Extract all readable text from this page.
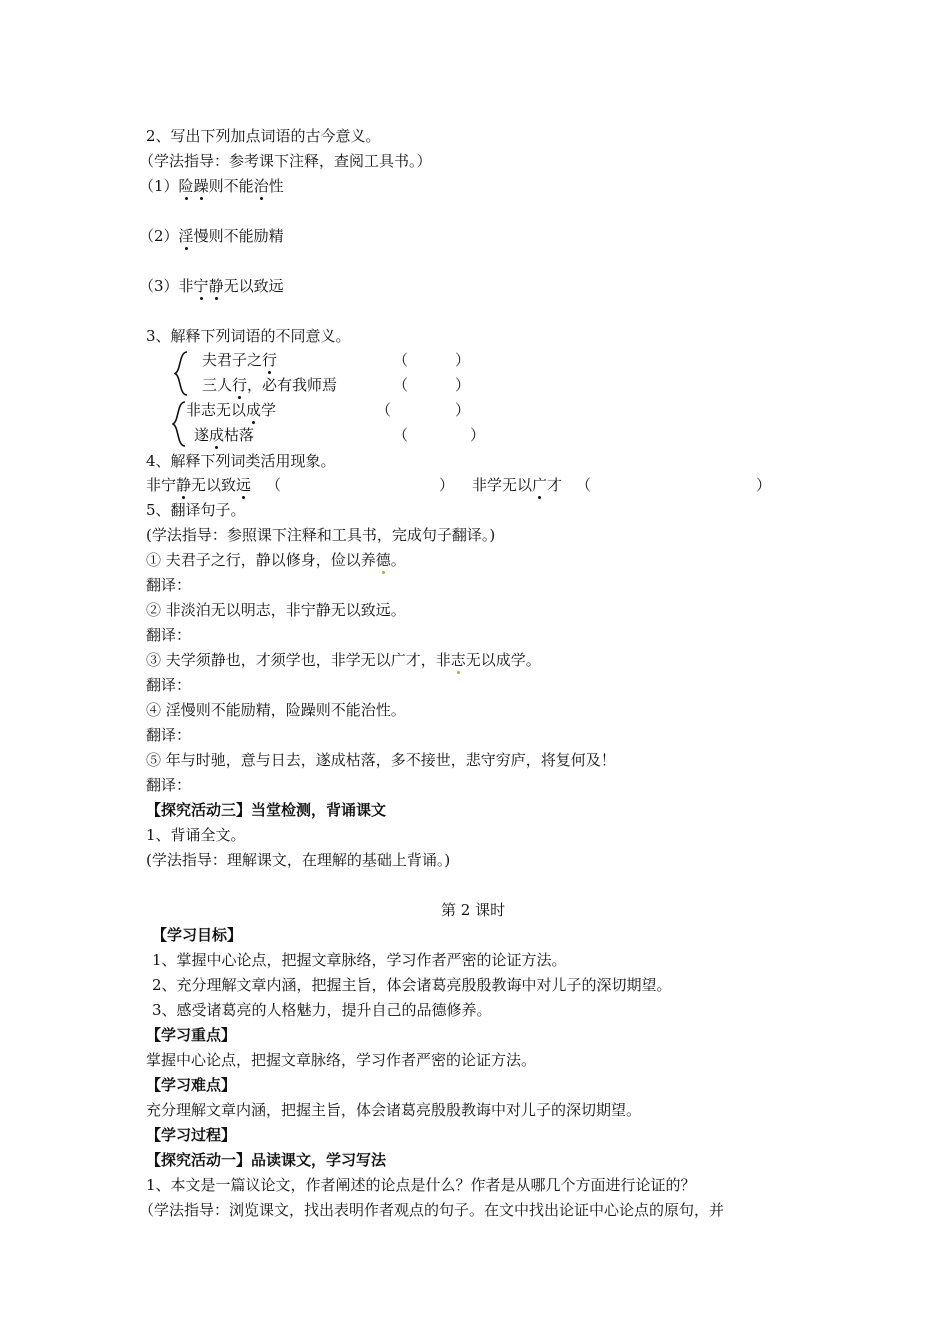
2、写出下列加点词语的古今意义。
（学法指导：参考课下注释，查阅工具书。）
（1）险躁则不能治性
（2）淫慢则不能励精
（3）非宁静无以致远
3、解释下列词语的不同意义。
夫君子之行	（	）
三人行，必有我师焉	（	）
非志无以成学	（	）
遂成枯落	（	）
4、解释下列词类活用现象。
非宁静无以致远 （	） 非学无以广才 （	）
5、翻译句子。
(学法指导：参照课下注释和工具书，完成句子翻译。)
① 夫君子之行，静以修身，俭以养德。
翻译：
② 非淡泊无以明志，非宁静无以致远。
翻译：
③ 夫学须静也，才须学也，非学无以广才，非志无以成学。
翻译：
④ 淫慢则不能励精，险躁则不能治性。
翻译：
⑤ 年与时驰，意与日去，遂成枯落，多不接世，悲守穷庐，将复何及！
翻译：
【探究活动三】当堂检测，背诵课文
1、背诵全文。
(学法指导：理解课文，在理解的基础上背诵。)
第 2 课时
【学习目标】
1、掌握中心论点，把握文章脉络，学习作者严密的论证方法。
2、充分理解文章内涵，把握主旨，体会诸葛亮殷殷教诲中对儿子的深切期望。
3、感受诸葛亮的人格魅力，提升自己的品德修养。
【学习重点】
掌握中心论点，把握文章脉络，学习作者严密的论证方法。
【学习难点】
充分理解文章内涵，把握主旨，体会诸葛亮殷殷教诲中对儿子的深切期望。
【学习过程】
【探究活动一】品读课文，学习写法
1、本文是一篇议论文，作者阐述的论点是什么？作者是从哪几个方面进行论证的？
（学法指导：浏览课文，找出表明作者观点的句子。在文中找出论证中心论点的原句，并
